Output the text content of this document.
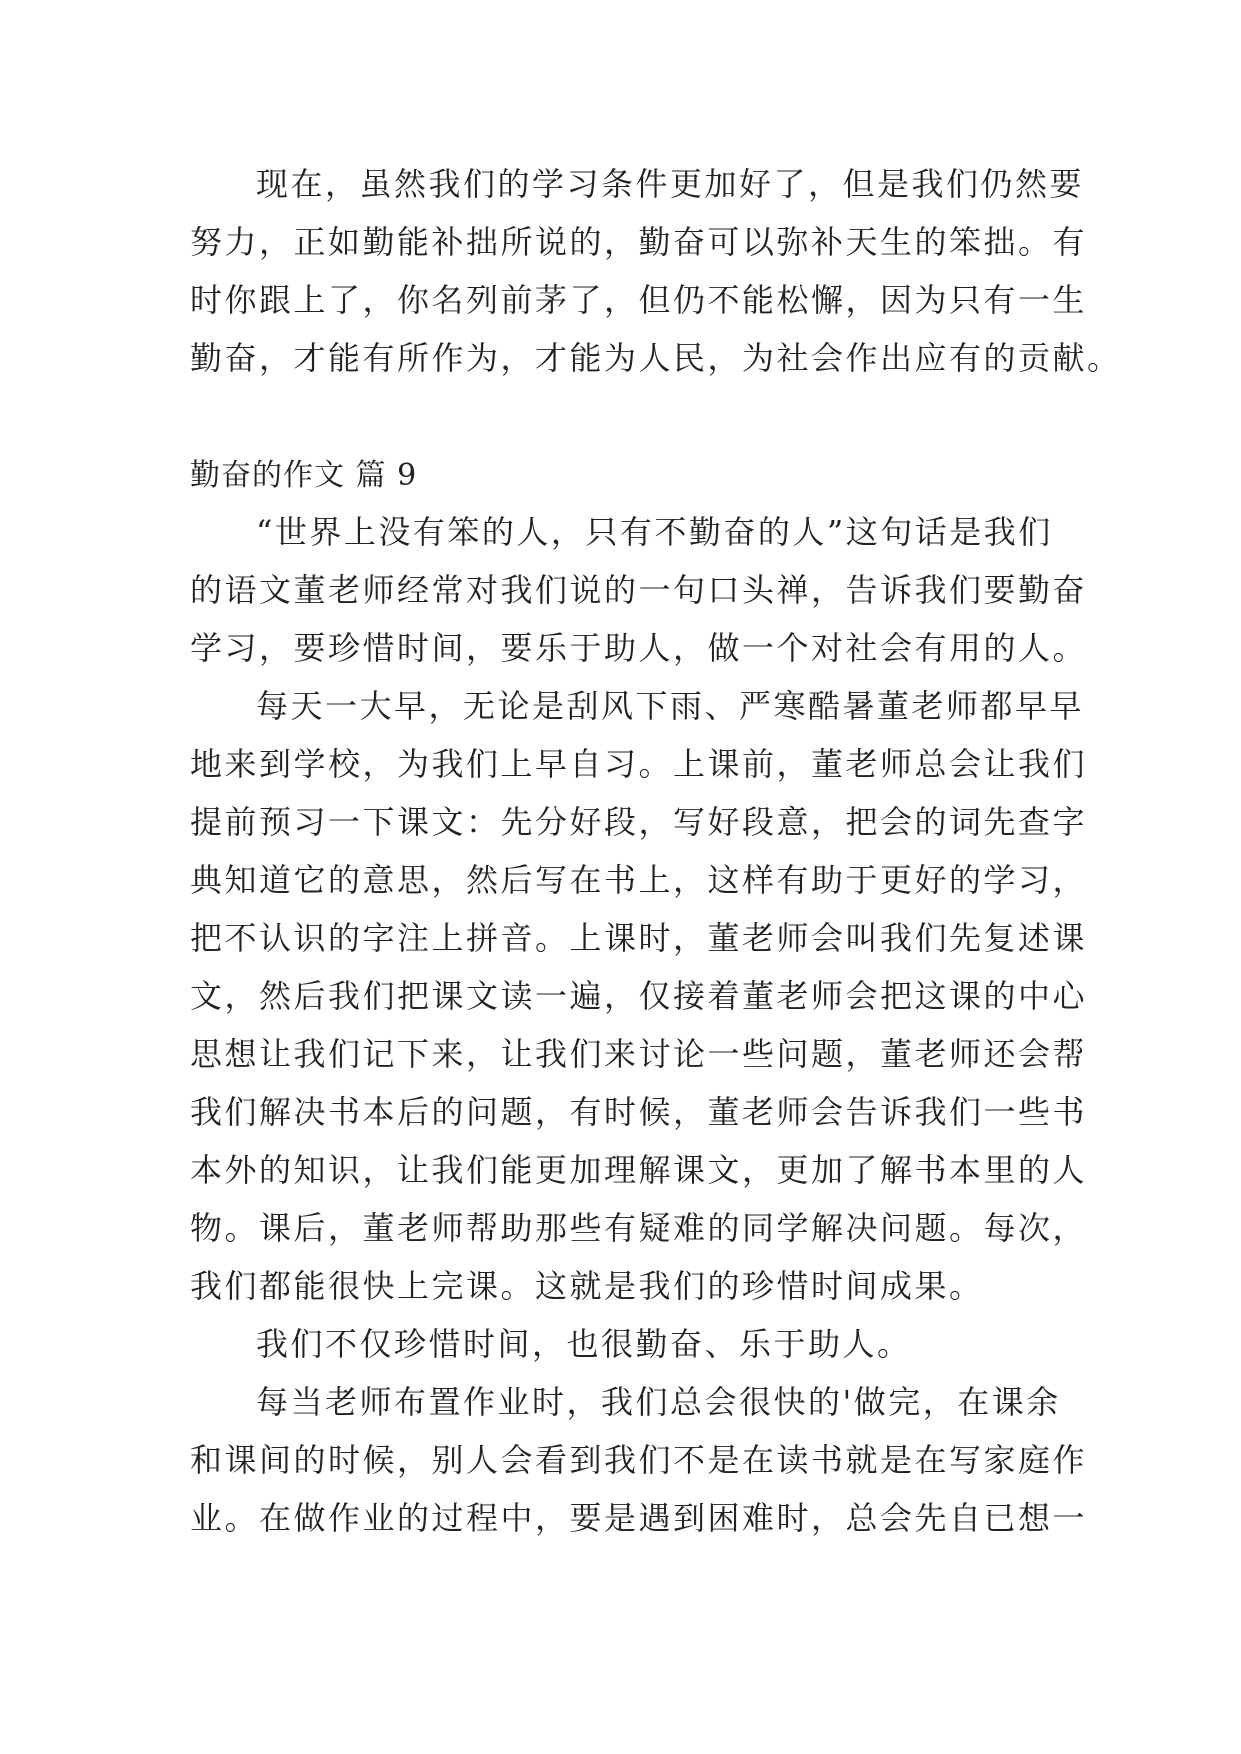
现在，虽然我们的学习条件更加好了，但是我们仍然要
努力，正如勤能补拙所说的，勤奋可以弥补天生的笨拙。有
时你跟上了，你名列前茅了，但仍不能松懈，因为只有一生
勤奋，才能有所作为，才能为人民，为社会作出应有的贡献。
勤奋的作文 篇 9
“世界上没有笨的人，只有不勤奋的人”这句话是我们
的语文董老师经常对我们说的一句口头禅，告诉我们要勤奋
学习，要珍惜时间，要乐于助人，做一个对社会有用的人。
每天一大早，无论是刮风下雨、严寒酷暑董老师都早早
地来到学校，为我们上早自习。上课前，董老师总会让我们
提前预习一下课文：先分好段，写好段意，把会的词先查字
典知道它的意思，然后写在书上，这样有助于更好的学习，
把不认识的字注上拼音。上课时，董老师会叫我们先复述课
文，然后我们把课文读一遍，仅接着董老师会把这课的中心
思想让我们记下来，让我们来讨论一些问题，董老师还会帮
我们解决书本后的问题，有时候，董老师会告诉我们一些书
本外的知识，让我们能更加理解课文，更加了解书本里的人
物。课后，董老师帮助那些有疑难的同学解决问题。每次，
我们都能很快上完课。这就是我们的珍惜时间成果。
我们不仅珍惜时间，也很勤奋、乐于助人。
每当老师布置作业时，我们总会很快的'做完，在课余
和课间的时候，别人会看到我们不是在读书就是在写家庭作
业。在做作业的过程中，要是遇到困难时，总会先自已想一
